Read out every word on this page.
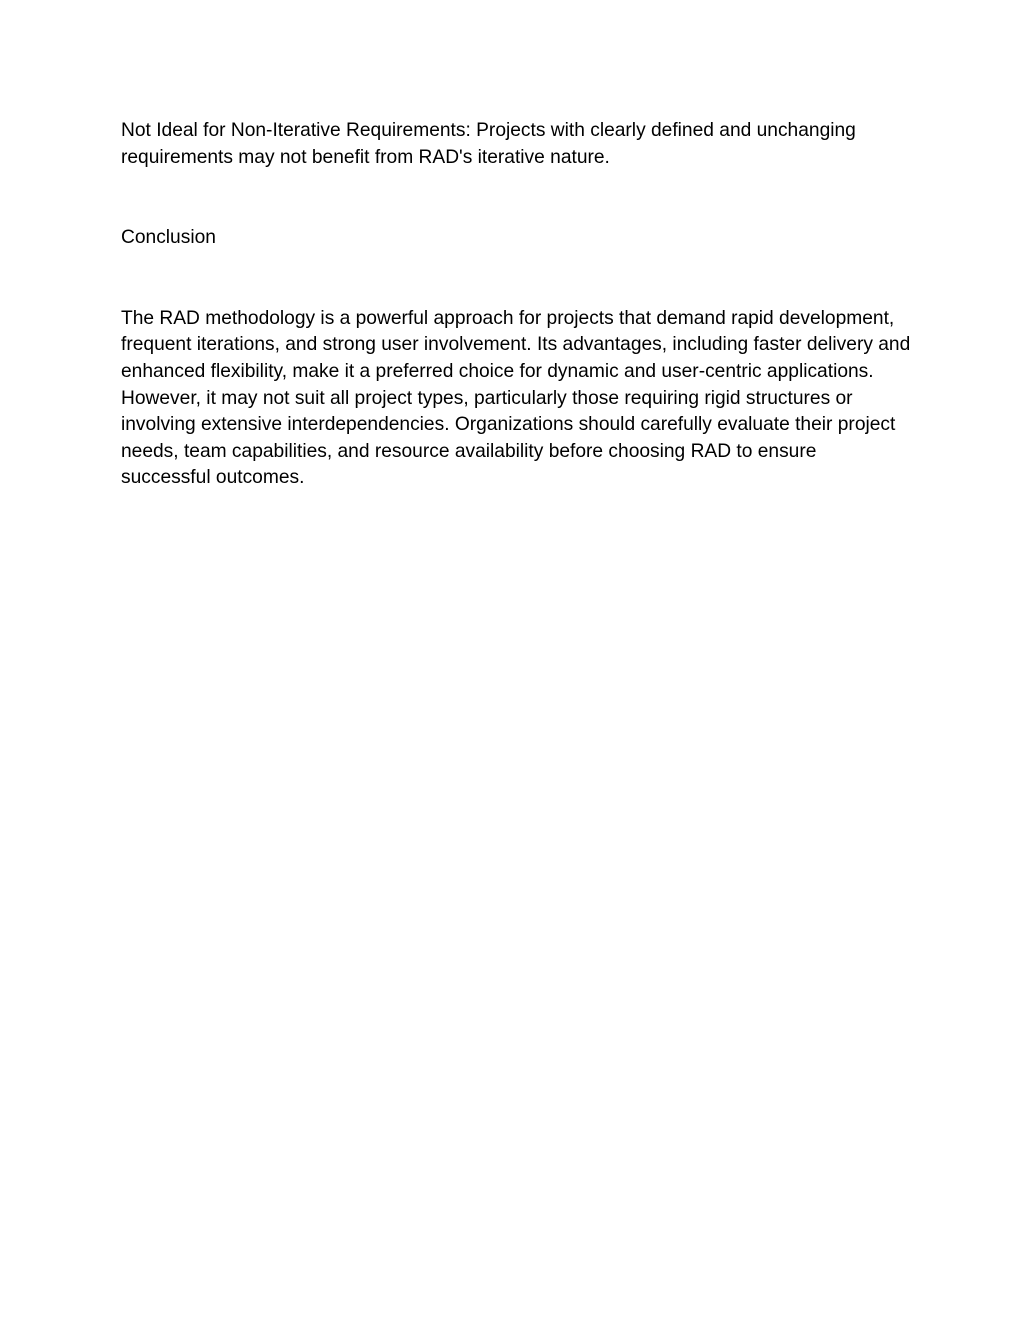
Not Ideal for Non-Iterative Requirements: Projects with clearly defined and unchanging requirements may not benefit from RAD's iterative nature.

Conclusion

The RAD methodology is a powerful approach for projects that demand rapid development, frequent iterations, and strong user involvement. Its advantages, including faster delivery and enhanced flexibility, make it a preferred choice for dynamic and user-centric applications. However, it may not suit all project types, particularly those requiring rigid structures or involving extensive interdependencies. Organizations should carefully evaluate their project needs, team capabilities, and resource availability before choosing RAD to ensure successful outcomes.
